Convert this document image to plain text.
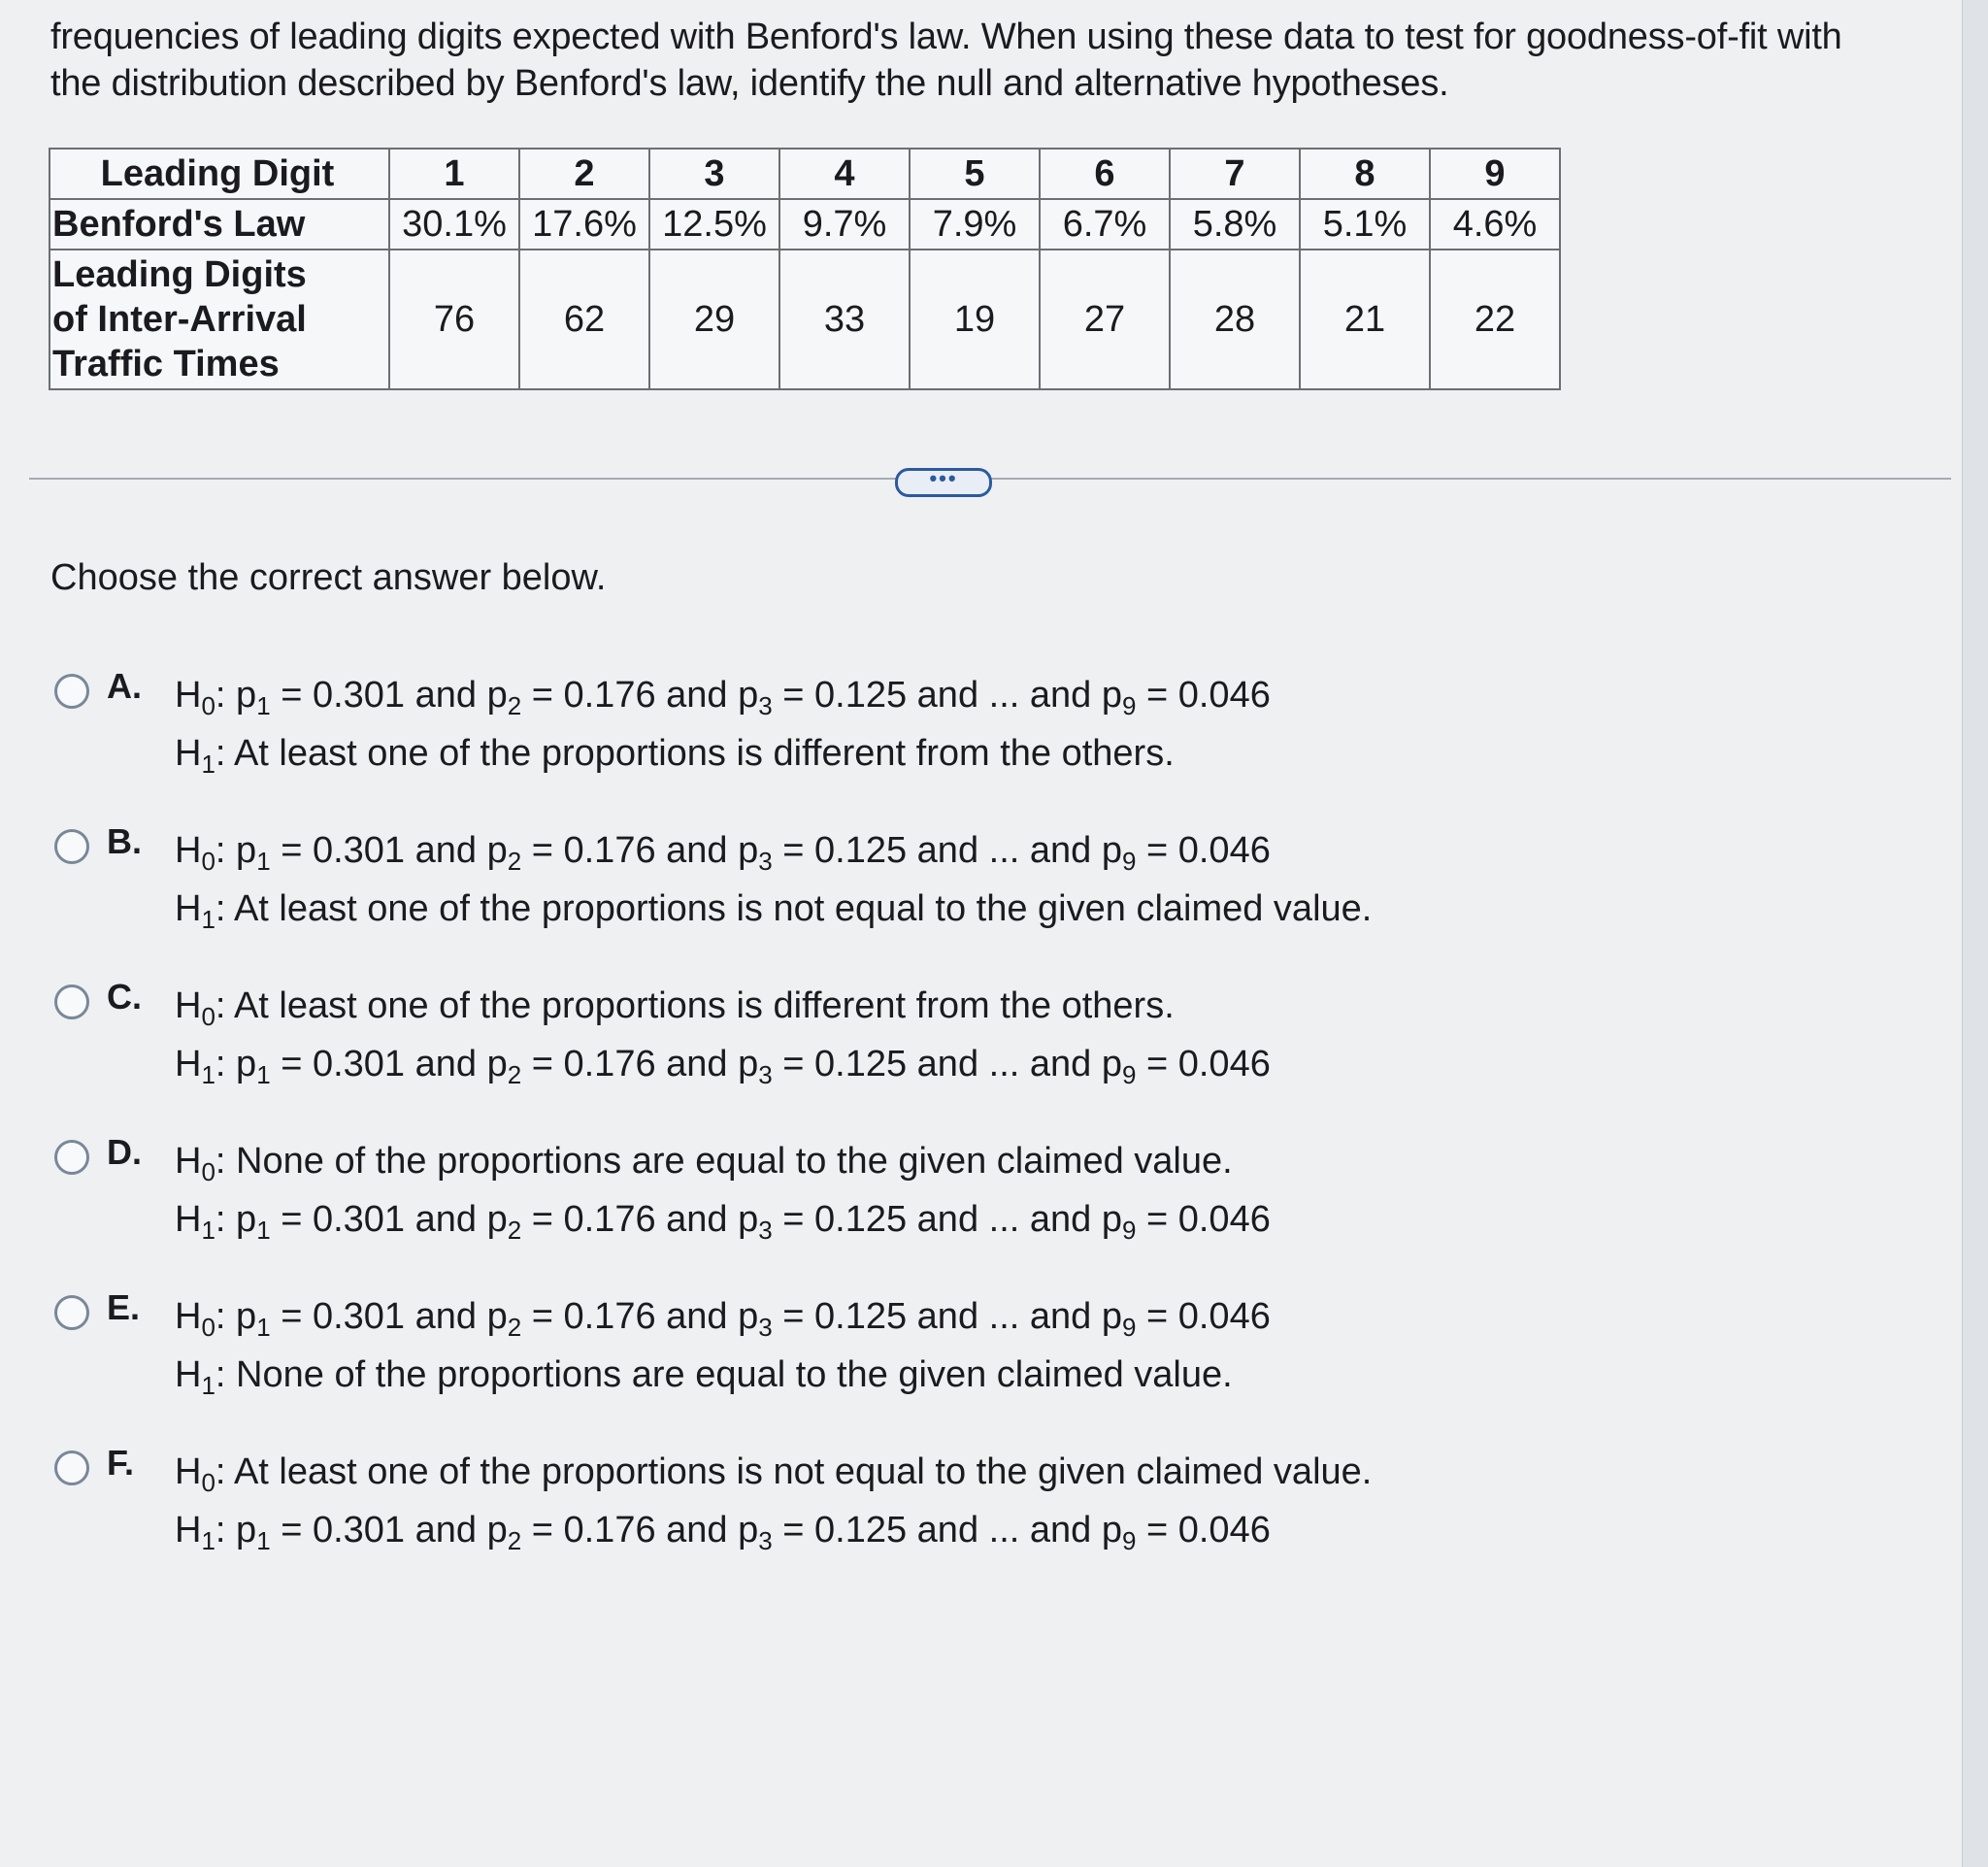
frequencies of leading digits expected with Benford's law. When using these data to test for goodness-of-fit with
the distribution described by Benford's law, identify the null and alternative hypotheses.
Leading Digit	1	2	3	4	5	6	7	8	9
Benford's Law	30.1%	17.6%	12.5%	9.7%	7.9%	6.7%	5.8%	5.1%	4.6%

Leading Digits
of Inter-Arrival
Traffic Times	76	62	29	33	19	27	28	21	22
•••
Choose the correct answer below.
A. $H_0$: $p_1 = 0.301$ and $p_2 = 0.176$ and $p_3 = 0.125$ and ... and $p_9 = 0.046$
$H_1$: At least one of the proportions is different from the others.
B. $H_0$: $p_1 = 0.301$ and $p_2 = 0.176$ and $p_3 = 0.125$ and ... and $p_9 = 0.046$
$H_1$: At least one of the proportions is not equal to the given claimed value.
C. $H_0$: At least one of the proportions is different from the others.
$H_1$: $p_1 = 0.301$ and $p_2 = 0.176$ and $p_3 = 0.125$ and ... and $p_9 = 0.046$
D. $H_0$: None of the proportions are equal to the given claimed value.
$H_1$: $p_1 = 0.301$ and $p_2 = 0.176$ and $p_3 = 0.125$ and ... and $p_9 = 0.046$
E. $H_0$: $p_1 = 0.301$ and $p_2 = 0.176$ and $p_3 = 0.125$ and ... and $p_9 = 0.046$
$H_1$: None of the proportions are equal to the given claimed value.
F. $H_0$: At least one of the proportions is not equal to the given claimed value.
$H_1$: $p_1 = 0.301$ and $p_2 = 0.176$ and $p_3 = 0.125$ and ... and $p_9 = 0.046$
